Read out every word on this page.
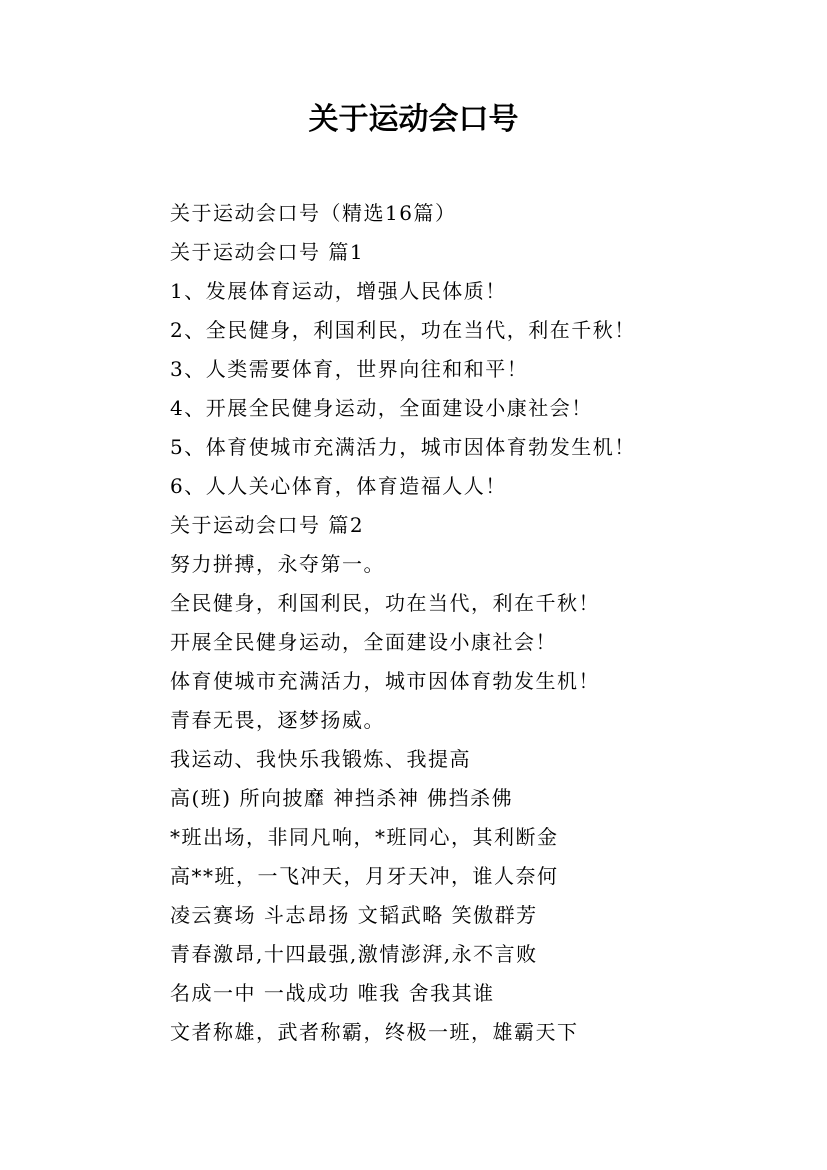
关于运动会口号
关于运动会口号（精选16篇）
关于运动会口号 篇1
1、发展体育运动，增强人民体质！
2、全民健身，利国利民，功在当代，利在千秋！
3、人类需要体育，世界向往和和平！
4、开展全民健身运动，全面建设小康社会！
5、体育使城市充满活力，城市因体育勃发生机！
6、人人关心体育，体育造福人人！
关于运动会口号 篇2
努力拼搏，永夺第一。
全民健身，利国利民，功在当代，利在千秋！
开展全民健身运动，全面建设小康社会！
体育使城市充满活力，城市因体育勃发生机！
青春无畏，逐梦扬威。
我运动、我快乐我锻炼、我提高
高(班) 所向披靡 神挡杀神 佛挡杀佛
*班出场，非同凡响，*班同心，其利断金
高**班，一飞冲天，月牙天冲，谁人奈何
凌云赛场 斗志昂扬 文韬武略 笑傲群芳
青春激昂,十四最强,激情澎湃,永不言败
名成一中 一战成功 唯我 舍我其谁
文者称雄，武者称霸，终极一班，雄霸天下
